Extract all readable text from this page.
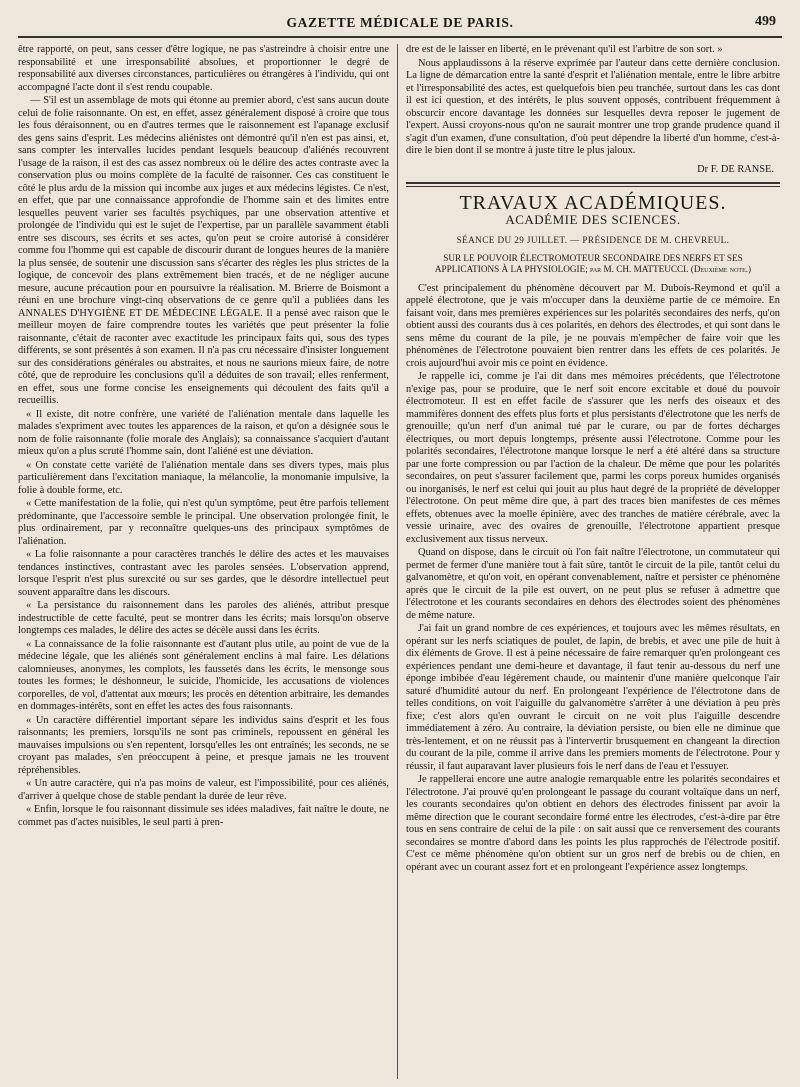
GAZETTE MÉDICALE DE PARIS.	499

être rapporté, on peut, sans cesser d'être logique, ne pas s'astreindre à choisir entre une responsabilité et une irresponsabilité absolues, et proportionner le degré de responsabilité aux diverses circonstances, particulières ou étrangères à l'individu, qui ont accompagné l'acte dont il s'est rendu coupable.

— S'il est un assemblage de mots qui étonne au premier abord, c'est sans aucun doute celui de folie raisonnante. On est, en effet, assez généralement disposé à croire que tous les fous déraisonnent, ou en d'autres termes que le raisonnement est l'apanage exclusif des gens sains d'esprit. Les médecins aliénistes ont démontré qu'il n'en est pas ainsi, et, sans compter les intervalles lucides pendant lesquels beaucoup d'aliénés recouvrent l'usage de la raison, il est des cas assez nombreux où le délire des actes contraste avec la conservation plus ou moins complète de la faculté de raisonner. Ces cas constituent le côté le plus ardu de la mission qui incombe aux juges et aux médecins légistes. Ce n'est, en effet, que par une connaissance approfondie de l'homme sain et des limites entre lesquelles peuvent varier ses facultés psychiques, par une observation attentive et prolongée de l'individu qui est le sujet de l'expertise, par un parallèle savamment établi entre ses discours, ses écrits et ses actes, qu'on peut se croire autorisé à considérer comme fou l'homme qui est capable de discourir durant de longues heures de la manière la plus sensée, de soutenir une discussion sans s'écarter des règles les plus strictes de la logique, de concevoir des plans extrêmement bien tracés, et de ne négliger aucune mesure, aucune précaution pour en poursuivre la réalisation. M. Brierre de Boismont a réuni en une brochure vingt-cinq observations de ce genre qu'il a publiées dans les ANNALES D'HYGIÈNE ET DE MÉDECINE LÉGALE. Il a pensé avec raison que le meilleur moyen de faire comprendre toutes les variétés que peut présenter la folie raisonnante, c'était de raconter avec exactitude les principaux faits qui, sous des types différents, se sont présentés à son examen. Il n'a pas cru nécessaire d'insister longuement sur des considérations générales ou abstraites, et nous ne saurions mieux faire, de notre côté, que de reproduire les conclusions qu'il a déduites de son travail; elles renferment, en effet, sous une forme concise les enseignements qui découlent des faits qu'il a recueillis.

« Il existe, dit notre confrère, une variété de l'aliénation mentale dans laquelle les malades s'expriment avec toutes les apparences de la raison, et qu'on a désignée sous le nom de folie raisonnante (folie morale des Anglais); sa connaissance s'acquiert d'autant mieux qu'on a plus scruté l'homme sain, dont l'aliéné est une déviation.

« On constate cette variété de l'aliénation mentale dans ses divers types, mais plus particulièrement dans l'excitation maniaque, la mélancolie, la monomanie impulsive, la folie à double forme, etc.

« Cette manifestation de la folie, qui n'est qu'un symptôme, peut être parfois tellement prédominante, que l'accessoire semble le principal. Une observation prolongée finit, le plus ordinairement, par y reconnaître quelques-uns des principaux symptômes de l'aliénation.

« La folie raisonnante a pour caractères tranchés le délire des actes et les mauvaises tendances instinctives, contrastant avec les paroles sensées. L'observation apprend, lorsque l'esprit n'est plus surexcité ou sur ses gardes, que le désordre intellectuel peut souvent apparaître dans les discours.

« La persistance du raisonnement dans les paroles des aliénés, attribut presque indestructible de cette faculté, peut se montrer dans les écrits; mais lorsqu'on observe longtemps ces malades, le délire des actes se décèle aussi dans les écrits.

« La connaissance de la folie raisonnante est d'autant plus utile, au point de vue de la médecine légale, que les aliénés sont généralement enclins à mal faire. Les délations calomnieuses, anonymes, les complots, les faussetés dans les écrits, le mensonge sous toutes les formes; le déshonneur, le suicide, l'homicide, les accusations de violences corporelles, de vol, d'attentat aux mœurs; les procès en détention arbitraire, les demandes en dommages-intérêts, sont en effet les actes des fous raisonnants.

« Un caractère différentiel important sépare les individus sains d'esprit et les fous raisonnants; les premiers, lorsqu'ils ne sont pas criminels, repoussent en général les mauvaises impulsions ou s'en repentent, lorsqu'elles les ont entraînés; les seconds, ne se croyant pas malades, s'en préoccupent à peine, et presque jamais ne les trouvent répréhensibles.

« Un autre caractère, qui n'a pas moins de valeur, est l'impossibilité, pour ces aliénés, d'arriver à quelque chose de stable pendant la durée de leur rêve.

« Enfin, lorsque le fou raisonnant dissimule ses idées maladives, fait naître le doute, ne commet pas d'actes nuisibles, le seul parti à pren-

dre est de le laisser en liberté, en le prévenant qu'il est l'arbitre de son sort. »

Nous applaudissons à la réserve exprimée par l'auteur dans cette dernière conclusion. La ligne de démarcation entre la santé d'esprit et l'aliénation mentale, entre le libre arbitre et l'irresponsabilité des actes, est quelquefois bien peu tranchée, surtout dans les cas dont il est ici question, et des intérêts, le plus souvent opposés, contribuent fréquemment à obscurcir encore davantage les données sur lesquelles devra reposer le jugement de l'expert. Aussi croyons-nous qu'on ne saurait montrer une trop grande prudence quand il s'agit d'un examen, d'une consultation, d'où peut dépendre la liberté d'un homme, c'est-à-dire le bien dont il se montre à juste titre le plus jaloux.

Dr F. DE RANSE.
TRAVAUX ACADÉMIQUES.
ACADÉMIE DES SCIENCES.
SÉANCE DU 29 JUILLET. — PRÉSIDENCE DE M. CHEVREUL.
SUR LE POUVOIR ÉLECTROMOTEUR SECONDAIRE DES NERFS ET SES APPLICATIONS À LA PHYSIOLOGIE; par M. CH. MATTEUCCI. (Deuxième note.)

C'est principalement du phénomène découvert par M. Dubois-Reymond et qu'il a appelé électrotone, que je vais m'occuper dans la deuxième partie de ce mémoire. En faisant voir, dans mes premières expériences sur les polarités secondaires des nerfs, qu'on obtient aussi des courants dus à ces polarités, en dehors des électrodes, et qui sont dans le sens même du courant de la pile, je ne pouvais m'empêcher de faire voir que les phénomènes de l'électrotone pouvaient bien rentrer dans les effets de ces polarités. Je crois aujourd'hui avoir mis ce point en évidence.

Je rappelle ici, comme je l'ai dit dans mes mémoires précédents, que l'électrotone n'exige pas, pour se produire, que le nerf soit encore excitable et doué du pouvoir électromoteur. Il est en effet facile de s'assurer que les nerfs des oiseaux et des mammifères donnent des effets plus forts et plus persistants d'électrotone que les nerfs de grenouille; qu'un nerf d'un animal tué par le curare, ou par de fortes décharges électriques, ou mort depuis longtemps, présente aussi l'électrotone. Comme pour les polarités secondaires, l'électrotone manque lorsque le nerf a été altéré dans sa structure par une forte compression ou par l'action de la chaleur. De même que pour les polarités secondaires, on peut s'assurer facilement que, parmi les corps poreux humides organisés ou inorganisés, le nerf est celui qui jouit au plus haut degré de la propriété de développer l'électrotone. On peut même dire que, à part des traces bien manifestes de ces mêmes effets, obtenues avec la moelle épinière, avec des tranches de matière cérébrale, avec la vessie urinaire, avec des ovaires de grenouille, l'électrotone appartient presque exclusivement aux tissus nerveux.

Quand on dispose, dans le circuit où l'on fait naître l'électrotone, un commutateur qui permet de fermer d'une manière tout à fait sûre, tantôt le circuit de la pile, tantôt celui du galvanomètre, et qu'on voit, en opérant convenablement, naître et persister ce phénomène après que le circuit de la pile est ouvert, on ne peut plus se refuser à admettre que l'électrotone et les courants secondaires en dehors des électrodes soient des phénomènes de même nature.

J'ai fait un grand nombre de ces expériences, et toujours avec les mêmes résultats, en opérant sur les nerfs sciatiques de poulet, de lapin, de brebis, et avec une pile de huit à dix éléments de Grove. Il est à peine nécessaire de faire remarquer qu'en prolongeant ces expériences pendant une demi-heure et davantage, il faut tenir au-dessous du nerf une éponge imbibée d'eau légèrement chaude, ou maintenir d'une manière quelconque l'air saturé d'humidité autour du nerf. En prolongeant l'expérience de l'électrotone dans de telles conditions, on voit l'aiguille du galvanomètre s'arrêter à une déviation à peu près fixe; c'est alors qu'en ouvrant le circuit on ne voit plus l'aiguille descendre immédiatement à zéro. Au contraire, la déviation persiste, ou bien elle ne diminue que très-lentement, et on ne réussit pas à l'intervertir brusquement en changeant la direction du courant de la pile, comme il arrive dans les premiers moments de l'électrotone. Pour y réussir, il faut auparavant laver plusieurs fois le nerf dans de l'eau et l'essuyer.

Je rappellerai encore une autre analogie remarquable entre les polarités secondaires et l'électrotone. J'ai prouvé qu'en prolongeant le passage du courant voltaïque dans un nerf, les courants secondaires qu'on obtient en dehors des électrodes finissent par avoir la même direction que le courant secondaire formé entre les électrodes, c'est-à-dire par être tous en sens contraire de celui de la pile : on sait aussi que ce renversement des courants secondaires se montre d'abord dans les points les plus rapprochés de l'électrode positif. C'est ce même phénomène qu'on obtient sur un gros nerf de brebis ou de chien, en opérant avec un courant assez fort et en prolongeant l'expérience assez longtemps.
